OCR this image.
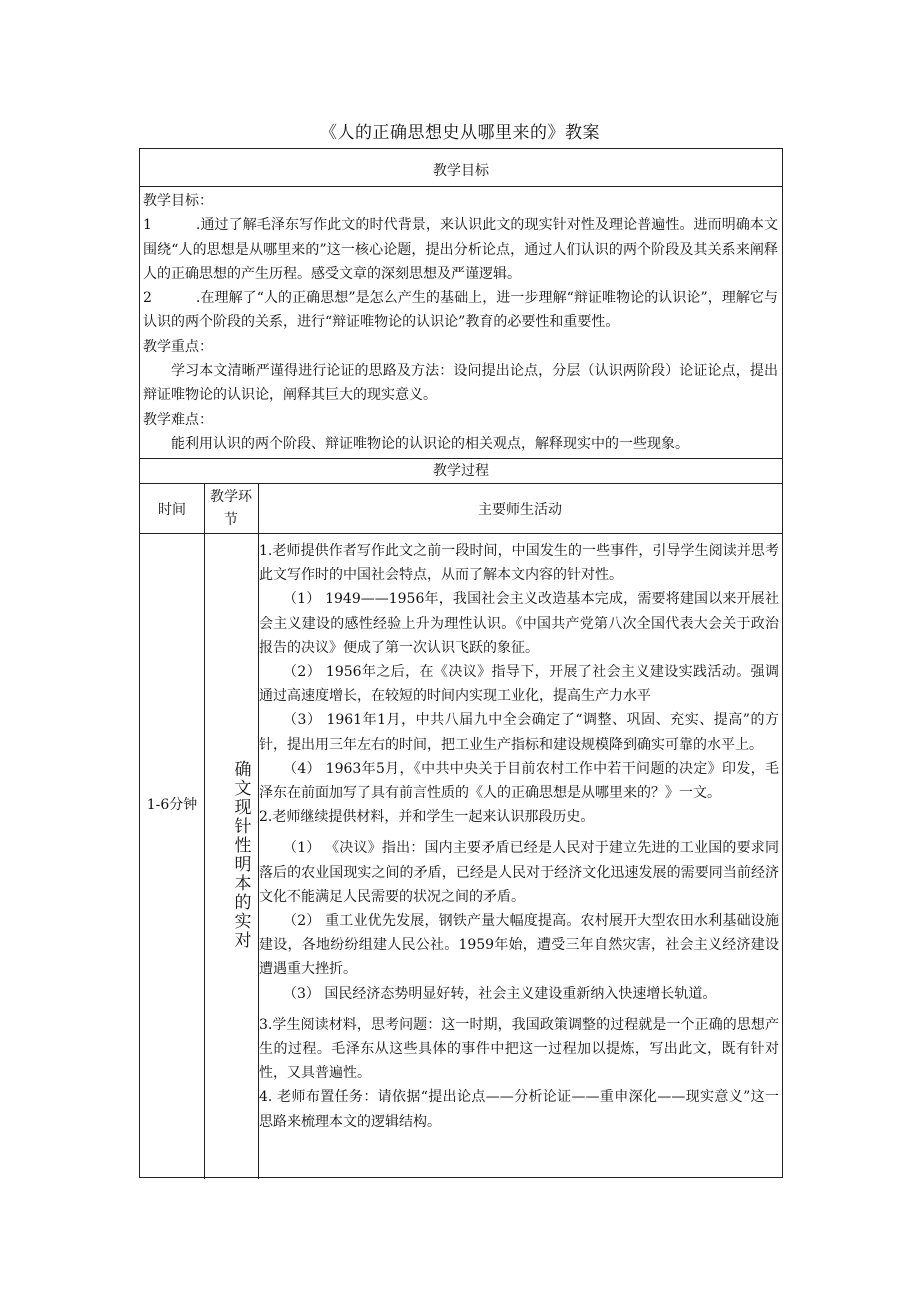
《人的正确思想史从哪里来的》教案
教学目标

教学目标：

1	.通过了解毛泽东写作此文的时代背景，来认识此文的现实针对性及理论普遍性。进而明确本文围绕“人的思想是从哪里来的”这一核心论题，提出分析论点，通过人们认识的两个阶段及其关系来阐释人的正确思想的产生历程。感受文章的深刻思想及严谨逻辑。

2	.在理解了“人的正确思想”是怎么产生的基础上，进一步理解“辩证唯物论的认识论”，理解它与认识的两个阶段的关系，进行“辩证唯物论的认识论”教育的必要性和重要性。

教学重点：

学习本文清晰严谨得进行论证的思路及方法：设问提出论点，分层（认识两阶段）论证论点，提出辩证唯物论的认识论，阐释其巨大的现实意义。

教学难点：

能利用认识的两个阶段、辩证唯物论的认识论的相关观点，解释现实中的一些现象。

教学过程
时间
教学环节
主要师生活动
1-6分钟
确文现针性明本的实对

1.老师提供作者写作此文之前一段时间，中国发生的一些事件，引导学生阅读并思考此文写作时的中国社会特点，从而了解本文内容的针对性。

（1） 1949——1956年，我国社会主义改造基本完成，需要将建国以来开展社会主义建设的感性经验上升为理性认识。《中国共产党第八次全国代表大会关于政治报告的决议》便成了第一次认识飞跃的象征。

（2） 1956年之后，在《决议》指导下，开展了社会主义建设实践活动。强调通过高速度增长，在较短的时间内实现工业化，提高生产力水平

（3） 1961年1月，中共八届九中全会确定了“调整、巩固、充实、提高”的方针，提出用三年左右的时间，把工业生产指标和建设规模降到确实可靠的水平上。

（4） 1963年5月，《中共中央关于目前农村工作中若干问题的决定》印发，毛泽东在前面加写了具有前言性质的《人的正确思想是从哪里来的？》一文。

2.老师继续提供材料，并和学生一起来认识那段历史。

（1） 《决议》指出：国内主要矛盾已经是人民对于建立先进的工业国的要求同落后的农业国现实之间的矛盾，已经是人民对于经济文化迅速发展的需要同当前经济文化不能满足人民需要的状况之间的矛盾。

（2） 重工业优先发展，钢铁产量大幅度提高。农村展开大型农田水利基础设施建设，各地纷纷组建人民公社。1959年始，遭受三年自然灾害，社会主义经济建设遭遇重大挫折。

（3） 国民经济态势明显好转，社会主义建设重新纳入快速增长轨道。

3.学生阅读材料，思考问题：这一时期，我国政策调整的过程就是一个正确的思想产生的过程。毛泽东从这些具体的事件中把这一过程加以提炼，写出此文，既有针对性，又具普遍性。

4. 老师布置任务：请依据“提出论点——分析论证——重申深化——现实意义”这一思路来梳理本文的逻辑结构。
